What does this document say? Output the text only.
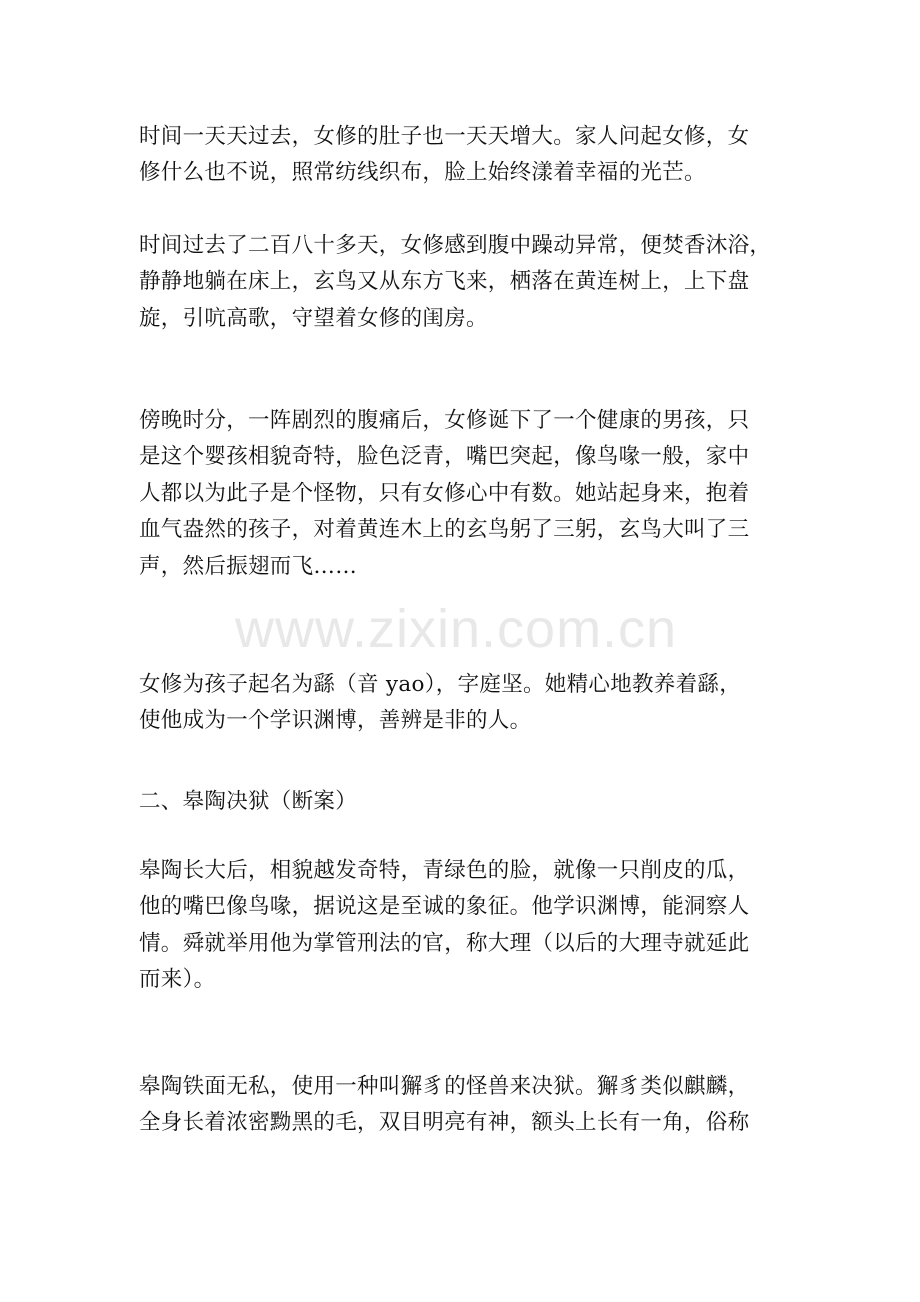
时间一天天过去，女修的肚子也一天天增大。家人问起女修，女
修什么也不说，照常纺线织布，脸上始终漾着幸福的光芒。

时间过去了二百八十多天，女修感到腹中躁动异常，便焚香沐浴，
静静地躺在床上，玄鸟又从东方飞来，栖落在黄连树上，上下盘
旋，引吭高歌，守望着女修的闺房。

傍晚时分，一阵剧烈的腹痛后，女修诞下了一个健康的男孩，只
是这个婴孩相貌奇特，脸色泛青，嘴巴突起，像鸟喙一般，家中
人都以为此子是个怪物，只有女修心中有数。她站起身来，抱着
血气盎然的孩子，对着黄连木上的玄鸟躬了三躬，玄鸟大叫了三
声，然后振翅而飞……

女修为孩子起名为繇（音 yao），字庭坚。她精心地教养着繇，
使他成为一个学识渊博，善辨是非的人。

二、皋陶决狱（断案）

皋陶长大后，相貌越发奇特，青绿色的脸，就像一只削皮的瓜，
他的嘴巴像鸟喙，据说这是至诚的象征。他学识渊博，能洞察人
情。舜就举用他为掌管刑法的官，称大理（以后的大理寺就延此
而来）。

皋陶铁面无私，使用一种叫獬豸的怪兽来决狱。獬豸类似麒麟，
全身长着浓密黝黑的毛，双目明亮有神，额头上长有一角，俗称

www.zixin.com.cn
